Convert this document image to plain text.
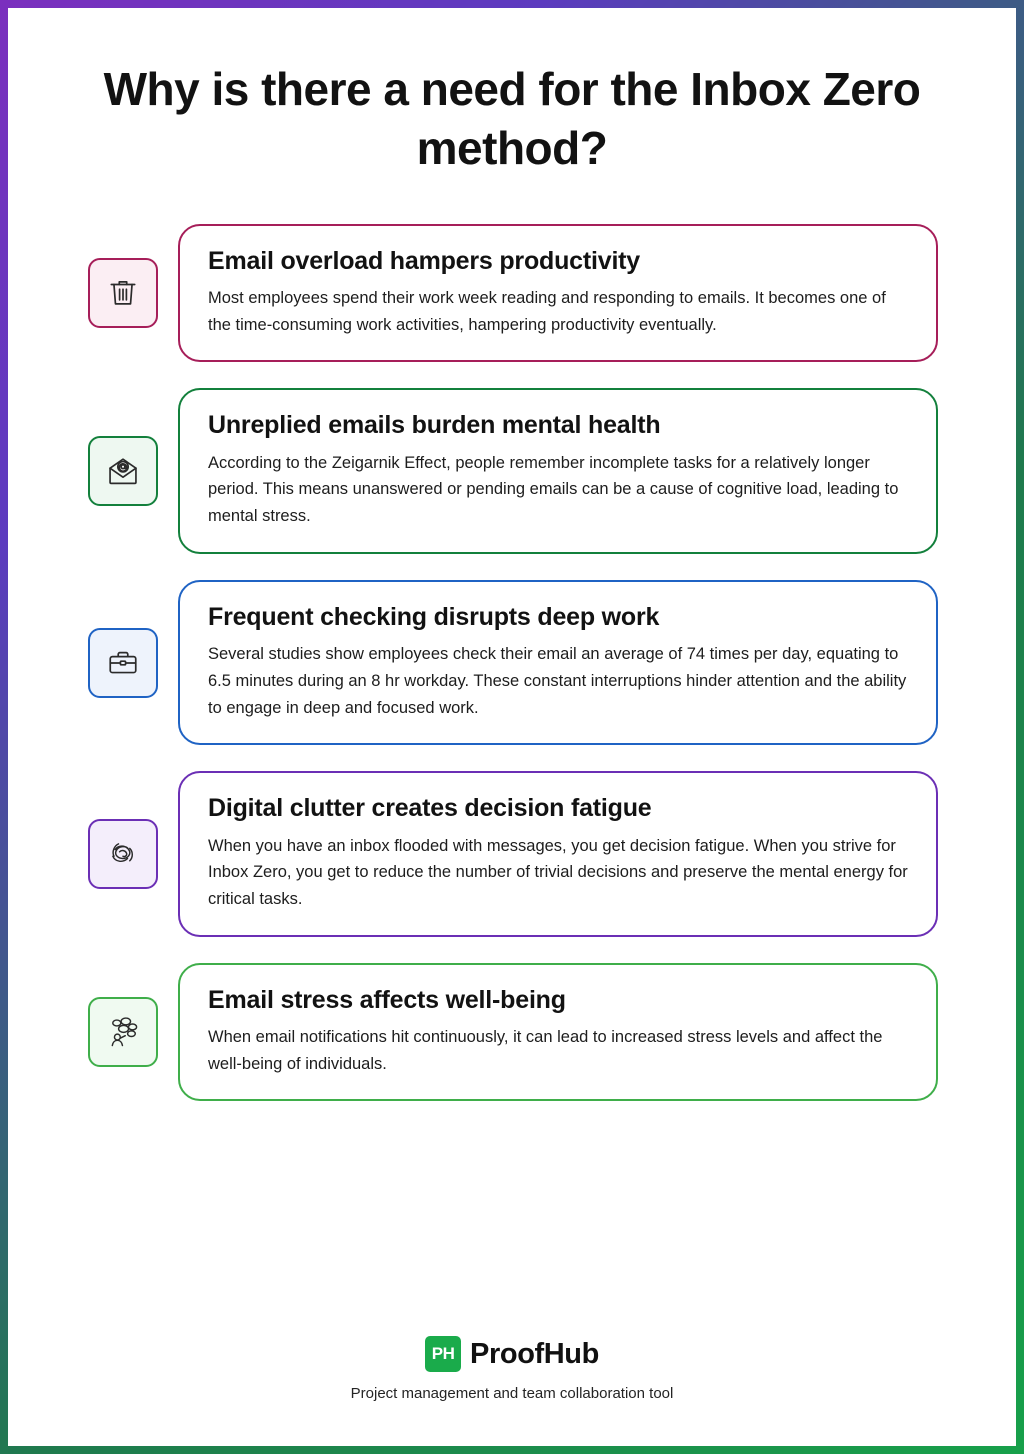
Why is there a need for the Inbox Zero method?
Email overload hampers productivity

Most employees spend their work week reading and responding to emails. It becomes one of the time-consuming work activities, hampering productivity eventually.

Unreplied emails burden mental health

According to the Zeigarnik Effect, people remember incomplete tasks for a relatively longer period. This means unanswered or pending emails can be a cause of cognitive load, leading to mental stress.

Frequent checking disrupts deep work

Several studies show employees check their email an average of 74 times per day, equating to 6.5 minutes during an 8 hr workday. These constant interruptions hinder attention and the ability to engage in deep and focused work.

Digital clutter creates decision fatigue

When you have an inbox flooded with messages, you get decision fatigue. When you strive for Inbox Zero, you get to reduce the number of trivial decisions and preserve the mental energy for critical tasks.

Email stress affects well-being

When email notifications hit continuously, it can lead to increased stress levels and affect the well-being of individuals.

PH ProofHub
Project management and team collaboration tool
